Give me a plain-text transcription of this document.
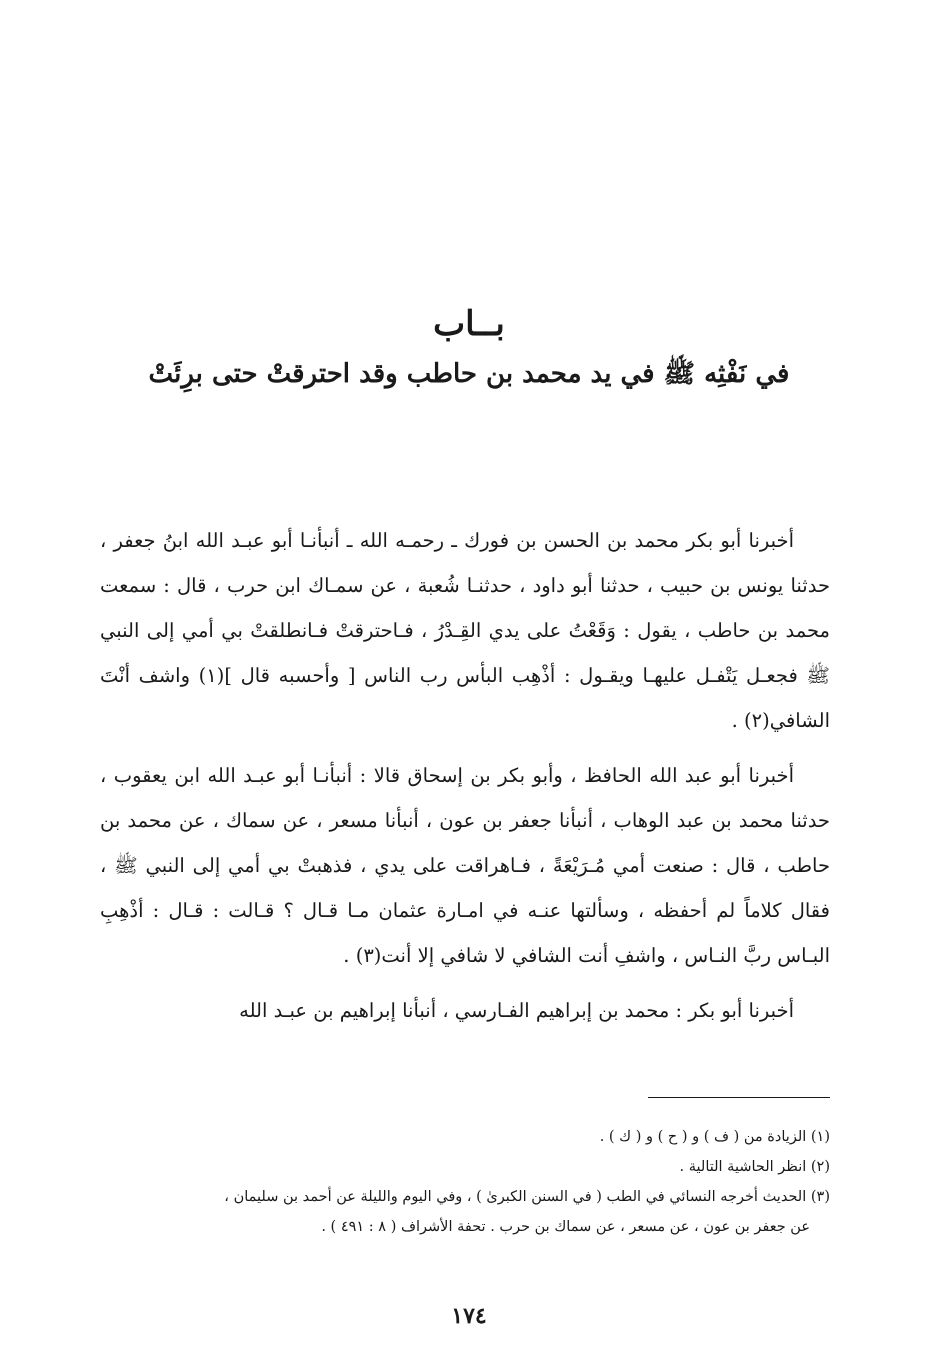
بــاب
في نَفْثِه ﷺ في يد محمد بن حاطب وقد احترقتْ حتى برِئَتْ

أخبرنا أبو بكر محمد بن الحسن بن فورك ـ رحمـه الله ـ أنبأنـا أبو عبـد الله ابنُ جعفر ، حدثنا يونس بن حبيب ، حدثنا أبو داود ، حدثنـا شُعبة ، عن سمـاك ابن حرب ، قال : سمعت محمد بن حاطب ، يقول : وَقَعْتُ على يدي القِـدْرُ ، فـاحترقتْ فـانطلقتْ بي أمي إلى النبي ﷺ فجعـل يَتْفـل عليهـا ويقـول : أذْهِب البأس رب الناس [ وأحسبه قال ](١) واشف أنْتَ الشافي(٢) .

أخبرنا أبو عبد الله الحافظ ، وأبو بكر بن إسحاق قالا : أنبأنـا أبو عبـد الله ابن يعقوب ، حدثنا محمد بن عبد الوهاب ، أنبأنا جعفر بن عون ، أنبأنا مسعر ، عن سماك ، عن محمد بن حاطب ، قال : صنعت أمي مُـرَيْعَةً ، فـاهراقت على يدي ، فذهبتْ بي أمي إلى النبي ﷺ ، فقال كلاماً لم أحفظه ، وسألتها عنـه في امـارة عثمان مـا قـال ؟ قـالت : قـال : أذْهِبِ البـاس ربَّ النـاس ، واشفِ أنت الشافي لا شافي إلا أنت(٣) .

أخبرنا أبو بكر : محمد بن إبراهيم الفـارسي ، أنبأنا إبراهيم بن عبـد الله

(١) الزيادة من ( ف ) و ( ح ) و ( ك ) .

(٢) انظر الحاشية التالية .

(٣) الحديث أخرجه النسائي في الطب ( في السنن الكبرىٰ ) ، وفي اليوم والليلة عن أحمد بن سليمان ،

عن جعفر بن عون ، عن مسعر ، عن سماك بن حرب . تحفة الأشراف ( ٨ : ٤٩١ ) .

١٧٤
